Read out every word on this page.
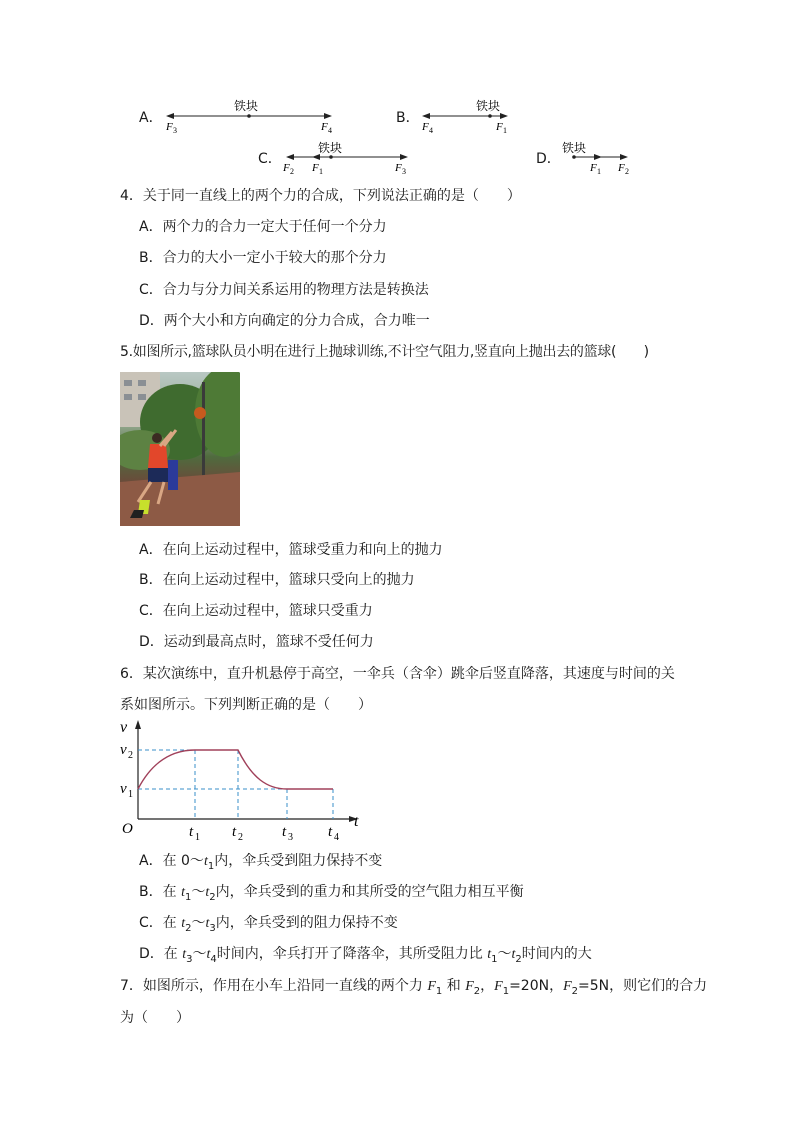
A．
铁块
F 3	F 4
B．
铁块
F 4	F 1
C．
铁块
F 2 F 1	F 3
D．
铁块
F 1 F 2
4．关于同一直线上的两个力的合成，下列说法正确的是（　　）
A．两个力的合力一定大于任何一个分力
B．合力的大小一定小于较大的那个分力
C．合力与分力间关系运用的物理方法是转换法
D．两个大小和方向确定的分力合成，合力唯一
5.如图所示,篮球队员小明在进行上抛球训练,不计空气阻力,竖直向上抛出去的篮球(　　)
A．在向上运动过程中，篮球受重力和向上的抛力
B．在向上运动过程中，篮球只受向上的抛力
C．在向上运动过程中，篮球只受重力
D．运动到最高点时，篮球不受任何力
6．某次演练中，直升机悬停于高空，一伞兵（含伞）跳伞后竖直降落，其速度与时间的关
系如图所示。下列判断正确的是（　　）
v
t
O
v 2
v 1
t 1 t 2	t 3 t 4
A．在 $0\sim t_1$内，伞兵受到阻力保持不变
B．在 $t_1\sim t_2$内，伞兵受到的重力和其所受的空气阻力相互平衡
C．在 $t_2\sim t_3$内，伞兵受到的阻力保持不变
D．在 $t_3\sim t_4$时间内，伞兵打开了降落伞，其所受阻力比 $t_1\sim t_2$时间内的大
7．如图所示，作用在小车上沿同一直线的两个力 $F_1$ 和 $F_2$，$F_1=20N$，$F_2=5N$，则它们的合力
为（　　）
